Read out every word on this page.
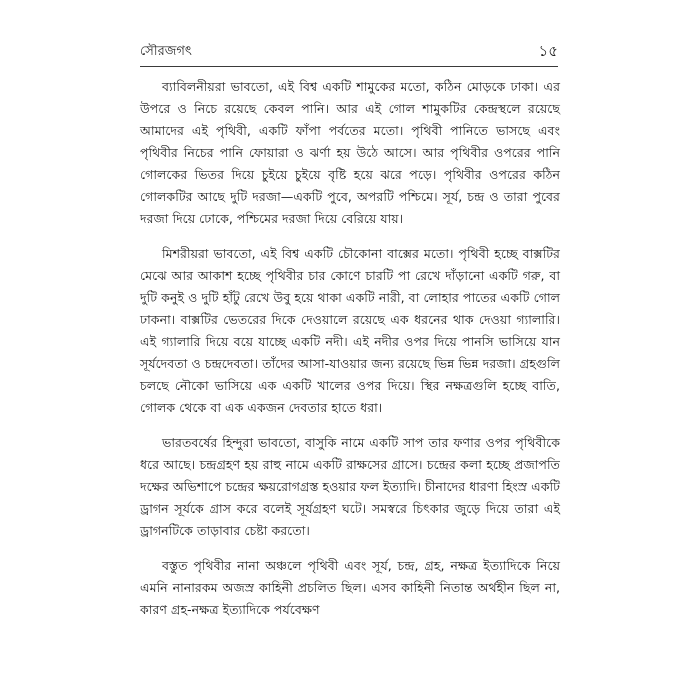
সৌরজগৎ	১৫

ব্যাবিলনীয়রা ভাবতো, এই বিশ্ব একটি শামুকের মতো, কঠিন মোড়কে ঢাকা। এর উপরে ও নিচে রয়েছে কেবল পানি। আর এই গোল শামুকটির কেন্দ্রস্থলে রয়েছে আমাদের এই পৃথিবী, একটি ফাঁপা পর্বতের মতো। পৃথিবী পানিতে ভাসছে এবং পৃথিবীর নিচের পানি ফোয়ারা ও ঝর্ণা হয় উঠে আসে। আর পৃথিবীর ওপরের পানি গোলকের ভিতর দিয়ে চুইয়ে চুইয়ে বৃষ্টি হয়ে ঝরে পড়ে। পৃথিবীর ওপরের কঠিন গোলকটির আছে দুটি দরজা—একটি পুবে, অপরটি পশ্চিমে। সূর্য, চন্দ্র ও তারা পুবের দরজা দিয়ে ঢোকে, পশ্চিমের দরজা দিয়ে বেরিয়ে যায়।

মিশরীয়রা ভাবতো, এই বিশ্ব একটি চৌকোনা বাক্সের মতো। পৃথিবী হচ্ছে বাক্সটির মেঝে আর আকাশ হচ্ছে পৃথিবীর চার কোণে চারটি পা রেখে দাঁড়ানো একটি গরু, বা দুটি কনুই ও দুটি হাঁটু রেখে উবু হয়ে থাকা একটি নারী, বা লোহার পাতের একটি গোল ঢাকনা। বাক্সটির ভেতরের দিকে দেওয়ালে রয়েছে এক ধরনের থাক দেওয়া গ্যালারি। এই গ্যালারি দিয়ে বয়ে যাচ্ছে একটি নদী। এই নদীর ওপর দিয়ে পানসি ভাসিয়ে যান সূর্যদেবতা ও চন্দ্রদেবতা। তাঁদের আসা-যাওয়ার জন্য রয়েছে ভিন্ন ভিন্ন দরজা। গ্রহগুলি চলছে নৌকো ভাসিয়ে এক একটি খালের ওপর দিয়ে। স্থির নক্ষত্রগুলি হচ্ছে বাতি, গোলক থেকে বা এক একজন দেবতার হাতে ধরা।

ভারতবর্ষের হিন্দুরা ভাবতো, বাসুকি নামে একটি সাপ তার ফণার ওপর পৃথিবীকে ধরে আছে। চন্দ্রগ্রহণ হয় রাহু নামে একটি রাক্ষসের গ্রাসে। চন্দ্রের কলা হচ্ছে প্রজাপতি দক্ষের অভিশাপে চন্দ্রের ক্ষয়রোগগ্রস্ত হওয়ার ফল ইত্যাদি। চীনাদের ধারণা হিংস্র একটি ড্রাগন সূর্যকে গ্রাস করে বলেই সূর্যগ্রহণ ঘটে। সমস্বরে চিৎকার জুড়ে দিয়ে তারা এই ড্রাগনটিকে তাড়াবার চেষ্টা করতো।

বস্তুত পৃথিবীর নানা অঞ্চলে পৃথিবী এবং সূর্য, চন্দ্র, গ্রহ, নক্ষত্র ইত্যাদিকে নিয়ে এমনি নানারকম অজস্র কাহিনী প্রচলিত ছিল। এসব কাহিনী নিতান্ত অর্থহীন ছিল না, কারণ গ্রহ-নক্ষত্র ইত্যাদিকে পর্যবেক্ষণ
